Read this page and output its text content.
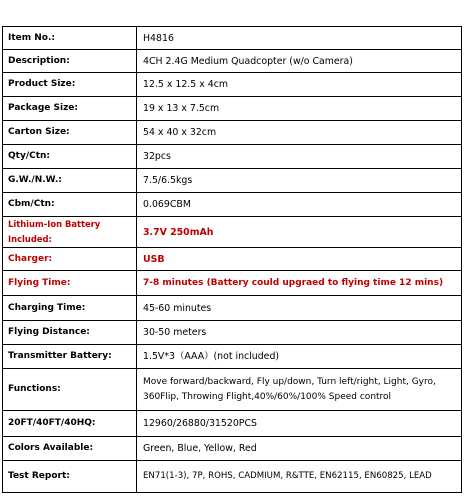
Item No.:	H4816
Description:	4CH 2.4G Medium Quadcopter (w/o Camera)
Product Size:	12.5 x 12.5 x 4cm
Package Size:	19 x 13 x 7.5cm
Carton Size:	54 x 40 x 32cm
Qty/Ctn:	32pcs
G.W./N.W.:	7.5/6.5kgs
Cbm/Ctn:	0.069CBM
Lithium-Ion Battery Included:	3.7V 250mAh
Charger:	USB
Flying Time:	7-8 minutes (Battery could upgraed to flying time 12 mins)
Charging Time:	45-60 minutes
Flying Distance:	30-50 meters
Transmitter Battery:	1.5V*3（AAA）(not included)
Functions:	Move forward/backward, Fly up/down, Turn left/right, Light, Gyro,
360Flip, Throwing Flight,40%/60%/100% Speed control

20FT/40FT/40HQ:	12960/26880/31520PCS
Colors Available:	Green, Blue, Yellow, Red
Test Report:	EN71(1-3), 7P, ROHS, CADMIUM, R&TTE, EN62115, EN60825, LEAD
